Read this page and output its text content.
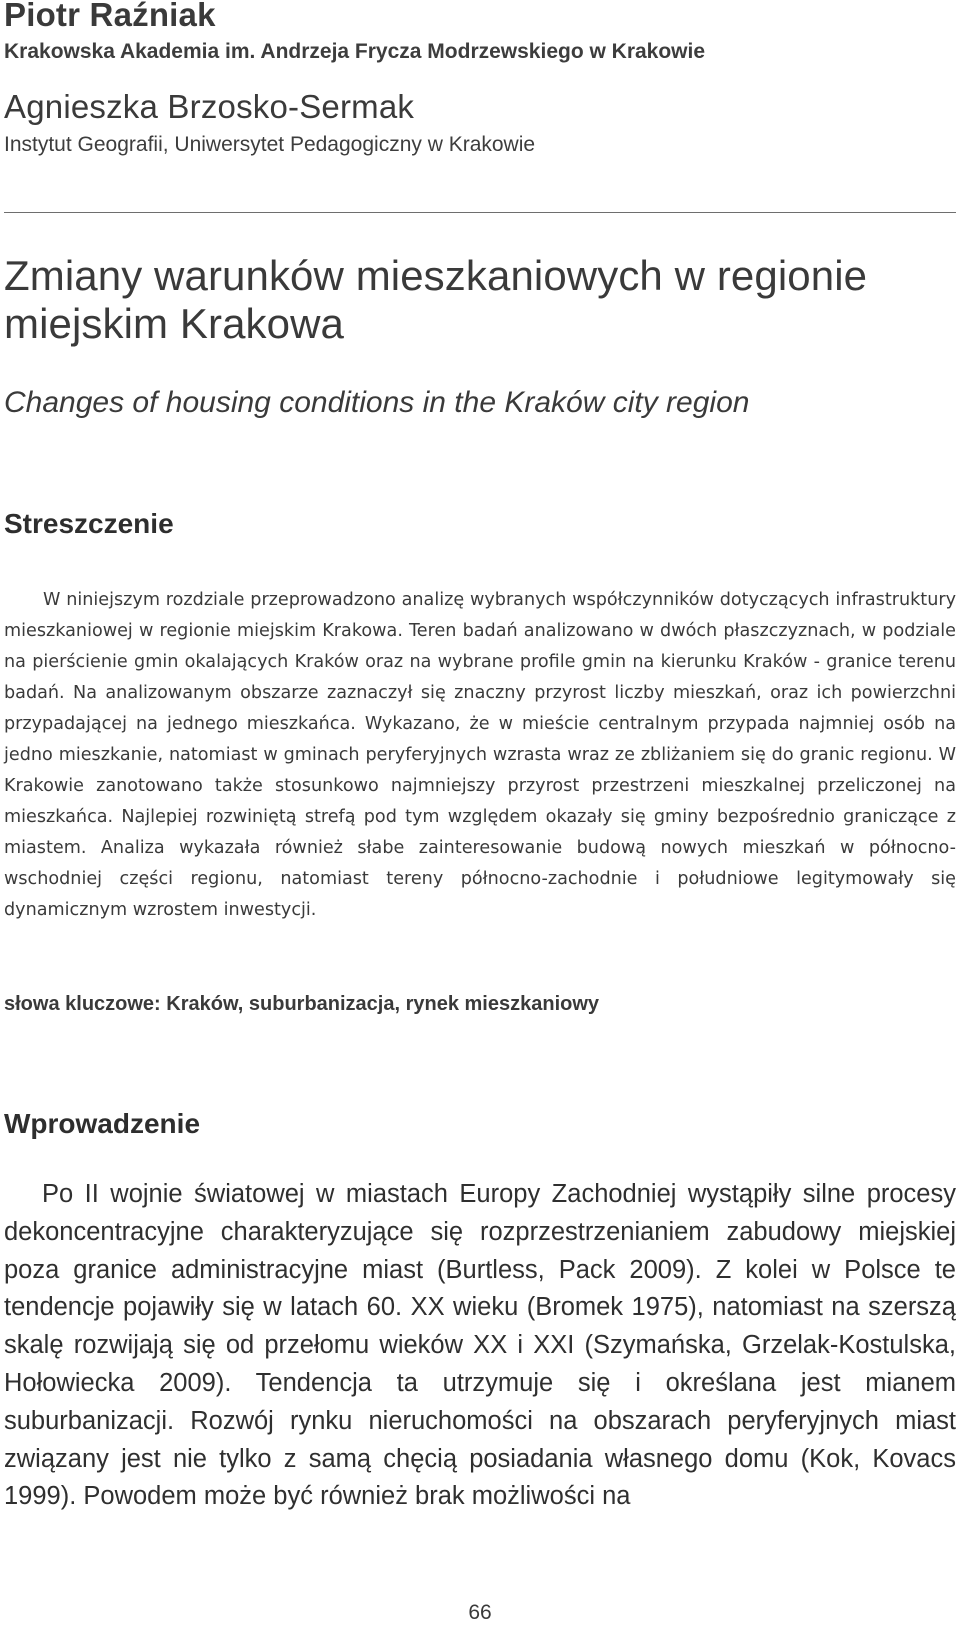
Piotr Raźniak
Krakowska Akademia im. Andrzeja Frycza Modrzewskiego w Krakowie
Agnieszka Brzosko-Sermak
Instytut Geografii, Uniwersytet Pedagogiczny w Krakowie
Zmiany warunków mieszkaniowych w regionie miejskim Krakowa
Changes of housing conditions in the Kraków city region
Streszczenie

W niniejszym rozdziale przeprowadzono analizę wybranych współczynników dotyczących infrastruktury mieszkaniowej w regionie miejskim Krakowa. Teren badań analizowano w dwóch płaszczyznach, w podziale na pierścienie gmin okalających Kraków oraz na wybrane profile gmin na kierunku Kraków - granice terenu badań. Na analizowanym obszarze zaznaczył się znaczny przyrost liczby mieszkań, oraz ich powierzchni przypadającej na jednego mieszkańca. Wykazano, że w mieście centralnym przypada najmniej osób na jedno mieszkanie, natomiast w gminach peryferyjnych wzrasta wraz ze zbliżaniem się do granic regionu. W Krakowie zanotowano także stosunkowo najmniejszy przyrost przestrzeni mieszkalnej przeliczonej na mieszkańca. Najlepiej rozwiniętą strefą pod tym względem okazały się gminy bezpośrednio graniczące z miastem. Analiza wykazała również słabe zainteresowanie budową nowych mieszkań w północno-wschodniej części regionu, natomiast tereny północno-zachodnie i południowe legitymowały się dynamicznym wzrostem inwestycji.

słowa kluczowe: Kraków, suburbanizacja, rynek mieszkaniowy
Wprowadzenie

Po II wojnie światowej w miastach Europy Zachodniej wystąpiły silne procesy dekoncentracyjne charakteryzujące się rozprzestrzenianiem zabudowy miejskiej poza granice administracyjne miast (Burtless, Pack 2009). Z kolei w Polsce te tendencje pojawiły się w latach 60. XX wieku (Bromek 1975), natomiast na szerszą skalę rozwijają się od przełomu wieków XX i XXI (Szymańska, Grzelak-Kostulska, Hołowiecka 2009). Tendencja ta utrzymuje się i określana jest mianem suburbanizacji. Rozwój rynku nieruchomości na obszarach peryferyjnych miast związany jest nie tylko z samą chęcią posiadania własnego domu (Kok, Kovacs 1999). Powodem może być również brak możliwości na

66
